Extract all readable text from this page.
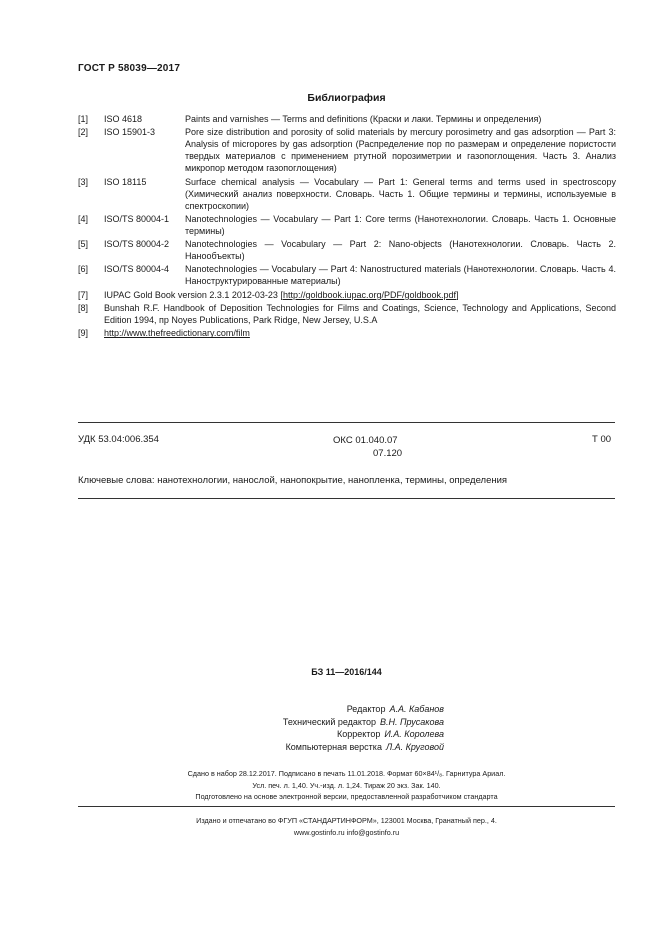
ГОСТ Р 58039—2017
Библиография
[1]	ISO 4618	Paints and varnishes — Terms and definitions (Краски и лаки. Термины и определения)
[2]	ISO 15901-3	Pore size distribution and porosity of solid materials by mercury porosimetry and gas adsorption — Part 3: Analysis of micropores by gas adsorption (Распределение пор по размерам и определение пористости твердых материалов с применением ртутной порозиметрии и газопоглощения. Часть 3. Анализ микропор методом газопоглощения)
[3]	ISO 18115	Surface chemical analysis — Vocabulary — Part 1: General terms and terms used in spectroscopy (Химический анализ поверхности. Словарь. Часть 1. Общие термины и термины, используемые в спектроскопии)
[4]	ISO/TS 80004-1	Nanotechnologies — Vocabulary — Part 1: Core terms (Нанотехнологии. Словарь. Часть 1. Основные термины)
[5]	ISO/TS 80004-2	Nanotechnologies — Vocabulary — Part 2: Nano-objects (Нанотехнологии. Словарь. Часть 2. Нанообъекты)
[6]	ISO/TS 80004-4	Nanotechnologies — Vocabulary — Part 4: Nanostructured materials (Нанотехнологии. Словарь. Часть 4. Наноструктурированные материалы)
[7]	IUPAC Gold Book version 2.3.1 2012-03-23 [http://goldbook.iupac.org/PDF/goldbook.pdf]
[8]	Bunshah R.F. Handbook of Deposition Technologies for Films and Coatings, Science, Technology and Applications, Second Edition 1994, пр Noyes Publications, Park Ridge, New Jersey, U.S.A
[9]	http://www.thefreedictionary.com/film
УДК 53.04:006.354	ОКС 01.040.07
07.120
Т 00
Ключевые слова: нанотехнологии, нанослой, нанопокрытие, нанопленка, термины, определения
БЗ 11—2016/144
Редактор А.А. Кабанов
Технический редактор В.Н. Прусакова
Корректор И.А. Королева
Компьютерная верстка Л.А. Круговой
Сдано в набор 28.12.2017. Подписано в печать 11.01.2018. Формат 60×84¹/₈. Гарнитура Ариал.
Усл. печ. л. 1,40. Уч.-изд. л. 1,24. Тираж 20 экз. Зак. 140.
Подготовлено на основе электронной версии, предоставленной разработчиком стандарта
Издано и отпечатано во ФГУП «СТАНДАРТИНФОРМ», 123001 Москва, Гранатный пер., 4.
www.gostinfo.ru info@gostinfo.ru
